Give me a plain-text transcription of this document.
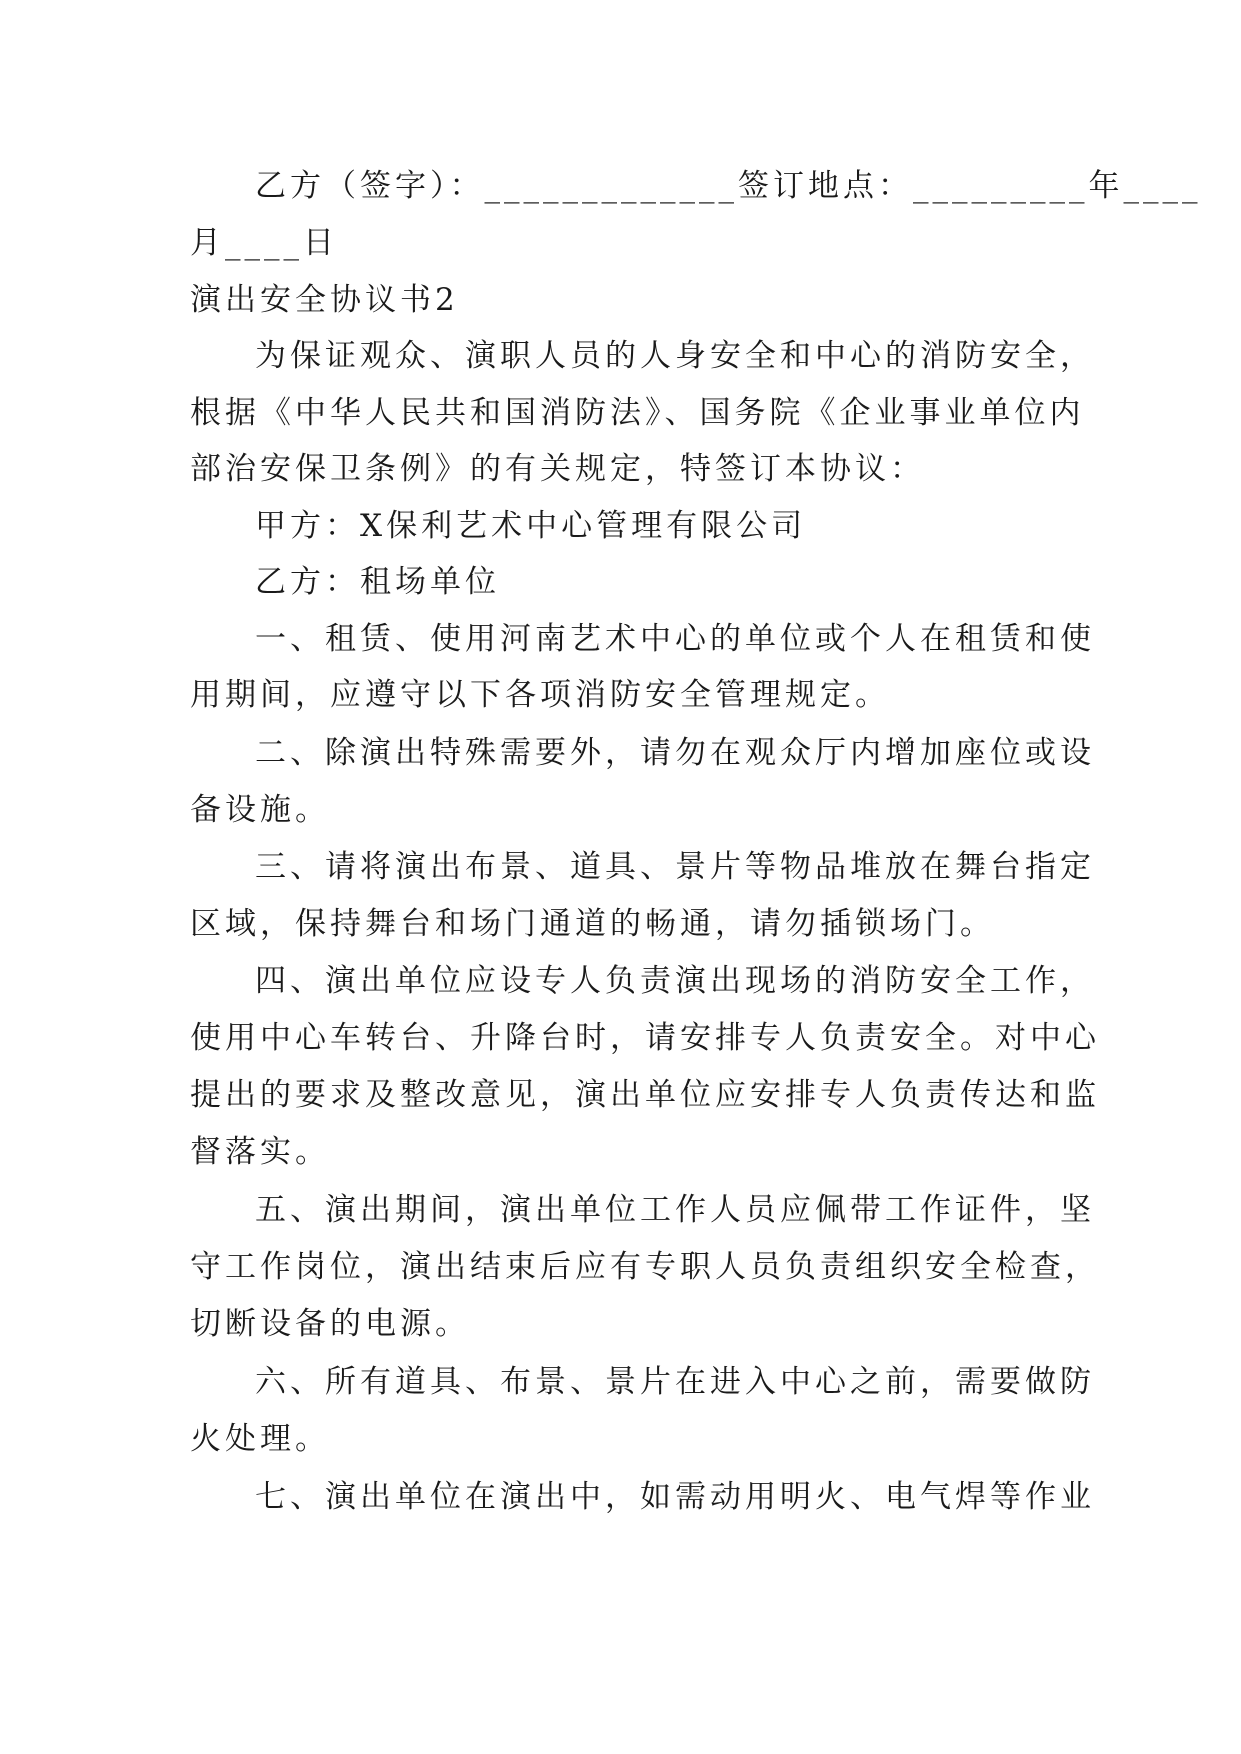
乙方（签字）：_____________签订地点：_________年____
月____日
演出安全协议书2
为保证观众、演职人员的人身安全和中心的消防安全，
根据《中华人民共和国消防法》、国务院《企业事业单位内
部治安保卫条例》的有关规定，特签订本协议：
甲方：X保利艺术中心管理有限公司
乙方：租场单位
一、租赁、使用河南艺术中心的单位或个人在租赁和使
用期间，应遵守以下各项消防安全管理规定。
二、除演出特殊需要外，请勿在观众厅内增加座位或设
备设施。
三、请将演出布景、道具、景片等物品堆放在舞台指定
区域，保持舞台和场门通道的畅通，请勿插锁场门。
四、演出单位应设专人负责演出现场的消防安全工作，
使用中心车转台、升降台时，请安排专人负责安全。对中心
提出的要求及整改意见，演出单位应安排专人负责传达和监
督落实。
五、演出期间，演出单位工作人员应佩带工作证件，坚
守工作岗位，演出结束后应有专职人员负责组织安全检查，
切断设备的电源。
六、所有道具、布景、景片在进入中心之前，需要做防
火处理。
七、演出单位在演出中，如需动用明火、电气焊等作业
